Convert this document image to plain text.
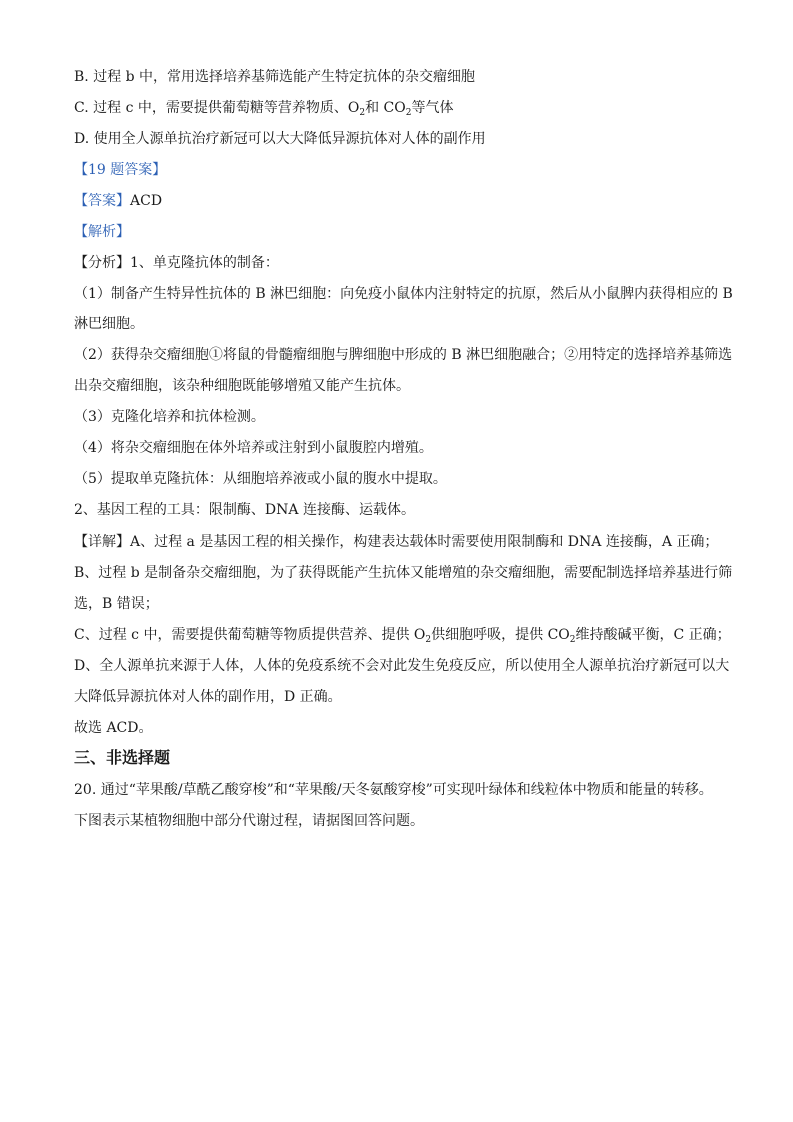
B. 过程 b 中，常用选择培养基筛选能产生特定抗体的杂交瘤细胞
C. 过程 c 中，需要提供葡萄糖等营养物质、$O_2$和 $CO_2$等气体
D. 使用全人源单抗治疗新冠可以大大降低异源抗体对人体的副作用
【19 题答案】
【答案】ACD
【解析】
【分析】1、单克隆抗体的制备：
（1）制备产生特异性抗体的 B 淋巴细胞：向免疫小鼠体内注射特定的抗原，然后从小鼠脾内获得相应的 B
淋巴细胞。
（2）获得杂交瘤细胞①将鼠的骨髓瘤细胞与脾细胞中形成的 B 淋巴细胞融合；②用特定的选择培养基筛选
出杂交瘤细胞，该杂种细胞既能够增殖又能产生抗体。
（3）克隆化培养和抗体检测。
（4）将杂交瘤细胞在体外培养或注射到小鼠腹腔内增殖。
（5）提取单克隆抗体：从细胞培养液或小鼠的腹水中提取。
2、基因工程的工具：限制酶、DNA 连接酶、运载体。
【详解】A、过程 a 是基因工程的相关操作，构建表达载体时需要使用限制酶和 DNA 连接酶，A 正确；
B、过程 b 是制备杂交瘤细胞，为了获得既能产生抗体又能增殖的杂交瘤细胞，需要配制选择培养基进行筛
选，B 错误；
C、过程 c 中，需要提供葡萄糖等物质提供营养、提供 $O_2$供细胞呼吸，提供 $CO_2$维持酸碱平衡，C 正确；
D、全人源单抗来源于人体，人体的免疫系统不会对此发生免疫反应，所以使用全人源单抗治疗新冠可以大
大降低异源抗体对人体的副作用，D 正确。
故选 ACD。
三、非选择题
20. 通过“苹果酸/草酰乙酸穿梭”和“苹果酸/天冬氨酸穿梭”可实现叶绿体和线粒体中物质和能量的转移。
下图表示某植物细胞中部分代谢过程，请据图回答问题。
